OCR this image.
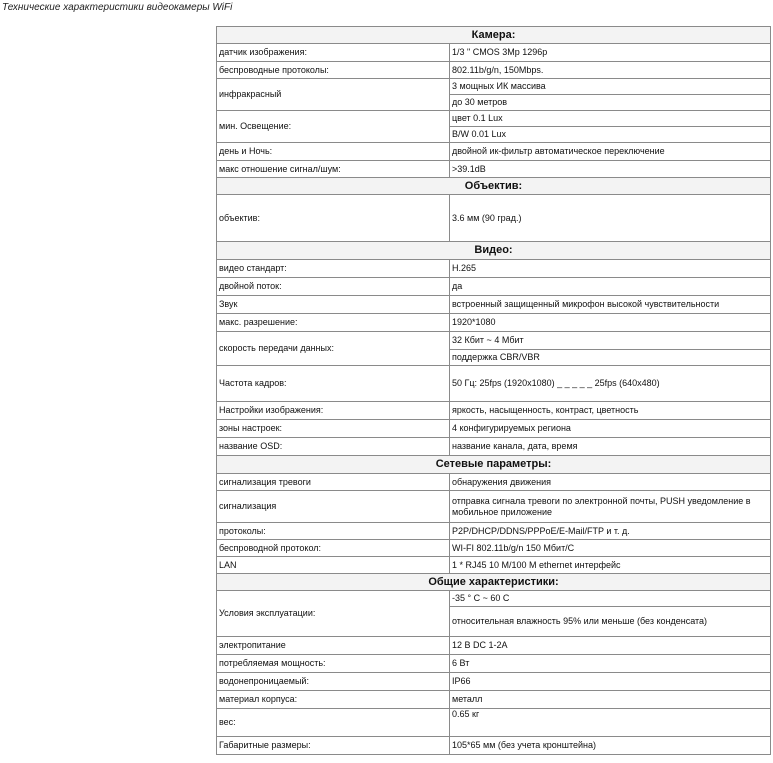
Технические характеристики видеокамеры WiFi
Камера:	
датчик изображения:	1/3 " CMOS 3Mp 1296p
беспроводные протоколы:	802.11b/g/n, 150Mbps.
инфракрасный	3 мощных ИК массива
	до 30 метров
мин. Освещение:	цвет 0.1 Lux
	B/W 0.01 Lux
день и Ночь:	двойной ик-фильтр автоматическое переключение
макс отношение сигнал/шум:	>39.1dB
Объектив:	
объектив:	3.6 мм (90 град.)
Видео:	
видео стандарт:	H.265
двойной поток:	да
Звук	встроенный защищенный микрофон высокой чувствительности
макс. разрешение:	1920*1080
скорость передачи данных:	32 Кбит ~ 4 Мбит
	поддержка CBR/VBR
Частота кадров:	50 Гц: 25fps (1920x1080) _ _ _ _ _ 25fps (640x480)
Настройки изображения:	яркость, насыщенность, контраст, цветность
зоны настроек:	4 конфигурируемых региона
название OSD:	название канала, дата, время
Сетевые параметры:	
сигнализация тревоги	обнаружения движения
сигнализация	отправка сигнала тревоги по электронной почты, PUSH уведомление в мобильное приложение
протоколы:	P2P/DHCP/DDNS/PPPoE/E-Mail/FTP и т. д.
беспроводной протокол:	WI-FI 802.11b/g/n 150 Мбит/С
LAN	1 * RJ45 10 M/100 M ethernet интерфейс
Общие характеристики:	
Условия эксплуатации:	-35 ° C ~ 60 C
	относительная влажность 95% или меньше (без конденсата)
электропитание	12 В DC 1-2A
потребляемая мощность:	6 Вт
водонепроницаемый:	IP66
материал корпуса:	металл
вес:	0.65 кг
Габаритные размеры:	105*65 мм (без учета кронштейна)
